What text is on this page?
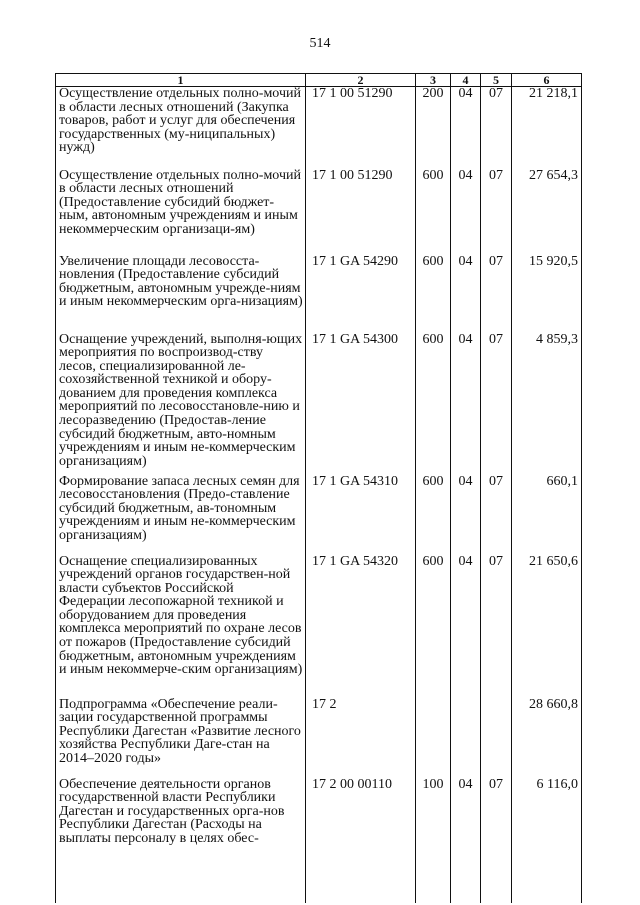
514
1	2	3	4	5	6
Осуществление отдельных полно-мочий в области лесных отношений (Закупка товаров, работ и услуг для обеспечения государственных (му-ниципальных) нужд)	17 1 00 51290	200	04	07	21 218,1
Осуществление отдельных полно-мочий в области лесных отношений (Предоставление субсидий бюджет-ным, автономным учреждениям и иным некоммерческим организаци-ям)	17 1 00 51290	600	04	07	27 654,3
Увеличение площади лесовосста-новления (Предоставление субсидий бюджетным, автономным учрежде-ниям и иным некоммерческим орга-низациям)	17 1 GA 54290	600	04	07	15 920,5
Оснащение учреждений, выполня-ющих мероприятия по воспроизвод-ству лесов, специализированной ле-сохозяйственной техникой и обору-дованием для проведения комплекса мероприятий по лесовосстановле-нию и лесоразведению (Предостав-ление субсидий бюджетным, авто-номным учреждениям и иным не-коммерческим организациям)	17 1 GA 54300	600	04	07	4 859,3
Формирование запаса лесных семян для лесовосстановления (Предо-ставление субсидий бюджетным, ав-тономным учреждениям и иным не-коммерческим организациям)	17 1 GA 54310	600	04	07	660,1
Оснащение специализированных учреждений органов государствен-ной власти субъектов Российской Федерации лесопожарной техникой и оборудованием для проведения комплекса мероприятий по охране лесов от пожаров (Предоставление субсидий бюджетным, автономным учреждениям и иным некоммерче-ским организациям)	17 1 GA 54320	600	04	07	21 650,6
Подпрограмма «Обеспечение реали-зации государственной программы Республики Дагестан «Развитие лесного хозяйства Республики Даге-стан на 2014–2020 годы»	17 2				28 660,8
Обеспечение деятельности органов государственной власти Республики Дагестан и государственных орга-нов Республики Дагестан (Расходы на выплаты персоналу в целях обес-	17 2 00 00110	100	04	07	6 116,0
